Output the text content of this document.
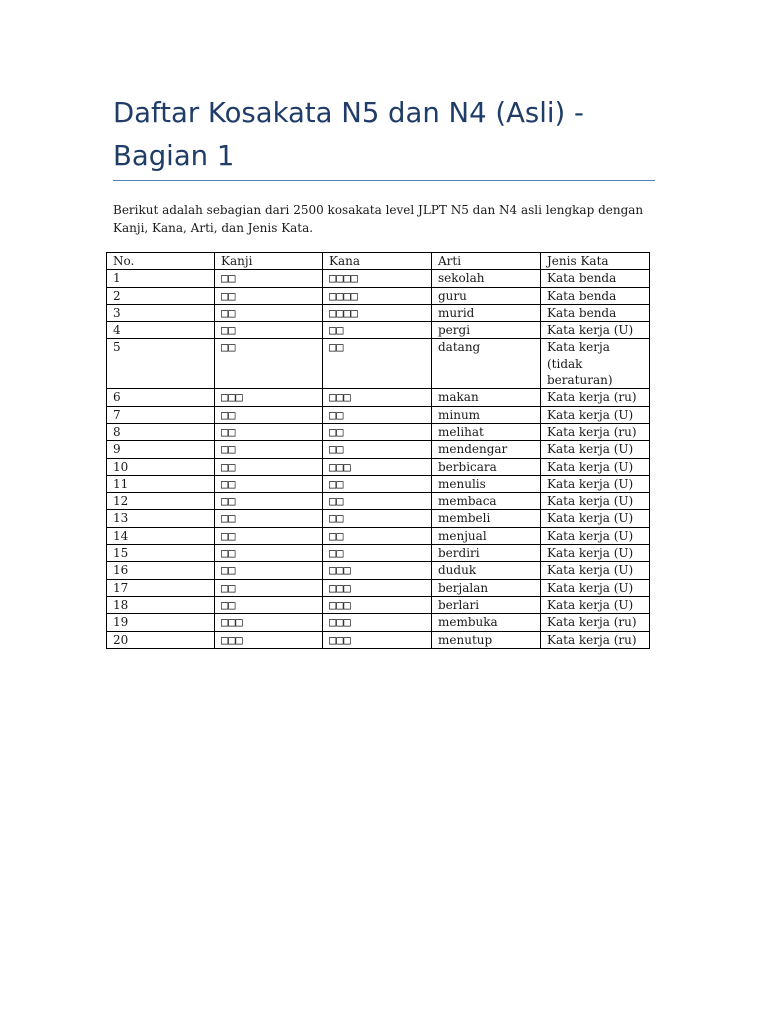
Daftar Kosakata N5 dan N4 (Asli) - Bagian 1

Berikut adalah sebagian dari 2500 kosakata level JLPT N5 dan N4 asli lengkap dengan Kanji, Kana, Arti, dan Jenis Kata.

No.	Kanji	Kana	Arti	Jenis Kata
1	□□	□□□□	sekolah	Kata benda
2	□□	□□□□	guru	Kata benda
3	□□	□□□□	murid	Kata benda
4	□□	□□	pergi	Kata kerja (U)
5	□□	□□	datang	Kata kerja (tidak beraturan)
6	□□□	□□□	makan	Kata kerja (ru)
7	□□	□□	minum	Kata kerja (U)
8	□□	□□	melihat	Kata kerja (ru)
9	□□	□□	mendengar	Kata kerja (U)
10	□□	□□□	berbicara	Kata kerja (U)
11	□□	□□	menulis	Kata kerja (U)
12	□□	□□	membaca	Kata kerja (U)
13	□□	□□	membeli	Kata kerja (U)
14	□□	□□	menjual	Kata kerja (U)
15	□□	□□	berdiri	Kata kerja (U)
16	□□	□□□	duduk	Kata kerja (U)
17	□□	□□□	berjalan	Kata kerja (U)
18	□□	□□□	berlari	Kata kerja (U)
19	□□□	□□□	membuka	Kata kerja (ru)
20	□□□	□□□	menutup	Kata kerja (ru)
